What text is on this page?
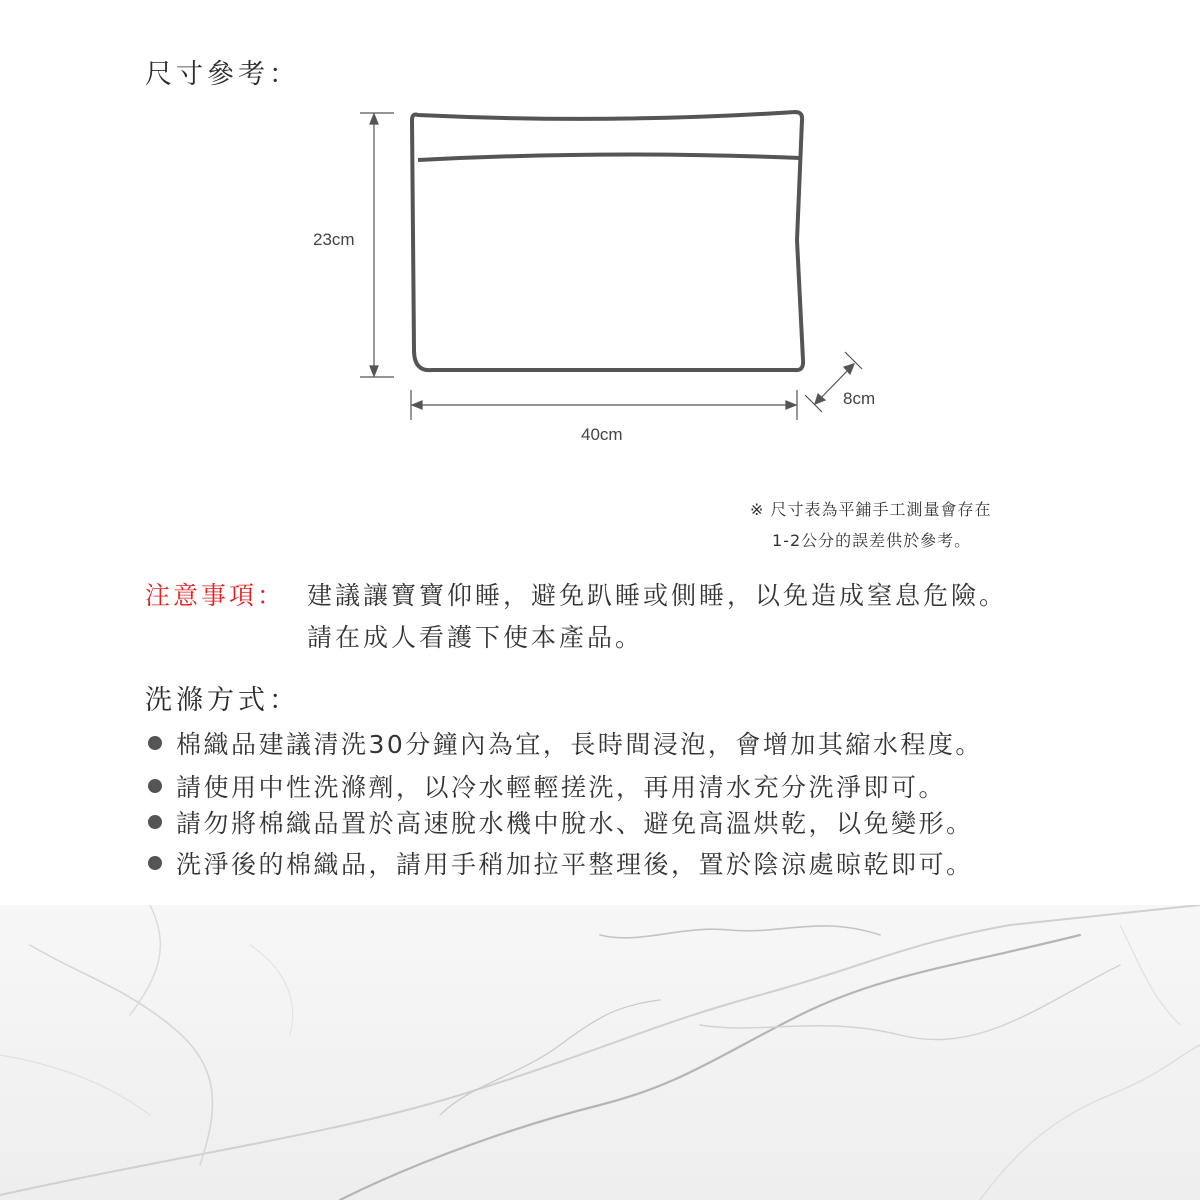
尺寸參考：
23cm
40cm
8cm
※ 尺寸表為平鋪手工測量會存在
1-2公分的誤差供於參考。
注意事項： 建議讓寶寶仰睡，避免趴睡或側睡，以免造成窒息危險。
請在成人看護下使本產品。
洗滌方式：
棉織品建議清洗30分鐘內為宜，長時間浸泡，會增加其縮水程度。
請使用中性洗滌劑，以冷水輕輕搓洗，再用清水充分洗淨即可。
請勿將棉織品置於高速脫水機中脫水、避免高溫烘乾，以免變形。
洗淨後的棉織品，請用手稍加拉平整理後，置於陰涼處晾乾即可。
